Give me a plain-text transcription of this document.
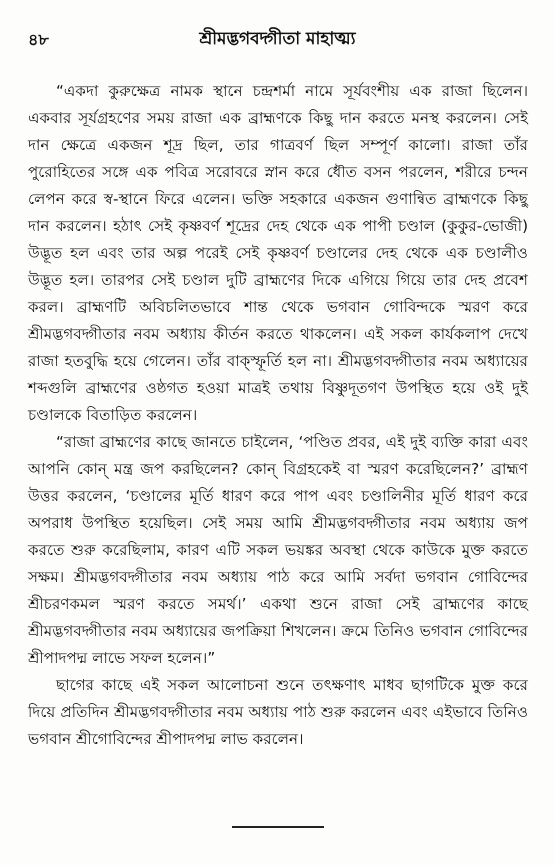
৪৮	শ্রীমদ্ভগবদ্গীতা মাহাত্ম্য

“একদা কুরুক্ষেত্র নামক স্থানে চন্দ্রশর্মা নামে সূর্যবংশীয় এক রাজা ছিলেন। একবার সূর্যগ্রহণের সময় রাজা এক ব্রাহ্মণকে কিছু দান করতে মনস্থ করলেন। সেই দান ক্ষেত্রে একজন শূদ্র ছিল, তার গাত্রবর্ণ ছিল সম্পূর্ণ কালো। রাজা তাঁর পুরোহিতের সঙ্গে এক পবিত্র সরোবরে স্নান করে ধৌত বসন পরলেন, শরীরে চন্দন লেপন করে স্ব-স্থানে ফিরে এলেন। ভক্তি সহকারে একজন গুণান্বিত ব্রাহ্মণকে কিছু দান করলেন। হঠাৎ সেই কৃষ্ণবর্ণ শূদ্রের দেহ থেকে এক পাপী চণ্ডাল (কুকুর-ভোজী) উদ্ভূত হল এবং তার অল্প পরেই সেই কৃষ্ণবর্ণ চণ্ডালের দেহ থেকে এক চণ্ডালীও উদ্ভূত হল। তারপর সেই চণ্ডাল দুটি ব্রাহ্মণের দিকে এগিয়ে গিয়ে তার দেহ প্রবেশ করল। ব্রাহ্মণটি অবিচলিতভাবে শান্ত থেকে ভগবান গোবিন্দকে স্মরণ করে শ্রীমদ্ভগবদ্গীতার নবম অধ্যায় কীর্তন করতে থাকলেন। এই সকল কার্যকলাপ দেখে রাজা হতবুদ্ধি হয়ে গেলেন। তাঁর বাক্স্ফূর্তি হল না। শ্রীমদ্ভগবদ্গীতার নবম অধ্যায়ের শব্দগুলি ব্রাহ্মণের ওষ্ঠগত হওয়া মাত্রই তথায় বিষ্ণুদূতগণ উপস্থিত হয়ে ওই দুই চণ্ডালকে বিতাড়িত করলেন।

“রাজা ব্রাহ্মণের কাছে জানতে চাইলেন, ‘পণ্ডিত প্রবর, এই দুই ব্যক্তি কারা এবং আপনি কোন্ মন্ত্র জপ করছিলেন? কোন্ বিগ্রহকেই বা স্মরণ করেছিলেন?’ ব্রাহ্মণ উত্তর করলেন, ‘চণ্ডালের মূর্তি ধারণ করে পাপ এবং চণ্ডালিনীর মূর্তি ধারণ করে অপরাধ উপস্থিত হয়েছিল। সেই সময় আমি শ্রীমদ্ভগবদ্গীতার নবম অধ্যায় জপ করতে শুরু করেছিলাম, কারণ এটি সকল ভয়ঙ্কর অবস্থা থেকে কাউকে মুক্ত করতে সক্ষম। শ্রীমদ্ভগবদ্গীতার নবম অধ্যায় পাঠ করে আমি সর্বদা ভগবান গোবিন্দের শ্রীচরণকমল স্মরণ করতে সমর্থ।’ একথা শুনে রাজা সেই ব্রাহ্মণের কাছে শ্রীমদ্ভগবদ্গীতার নবম অধ্যায়ের জপক্রিয়া শিখলেন। ক্রমে তিনিও ভগবান গোবিন্দের শ্রীপাদপদ্ম লাভে সফল হলেন।”

ছাগের কাছে এই সকল আলোচনা শুনে তৎক্ষণাৎ মাধব ছাগটিকে মুক্ত করে দিয়ে প্রতিদিন শ্রীমদ্ভগবদ্গীতার নবম অধ্যায় পাঠ শুরু করলেন এবং এইভাবে তিনিও ভগবান শ্রীগোবিন্দের শ্রীপাদপদ্ম লাভ করলেন।
